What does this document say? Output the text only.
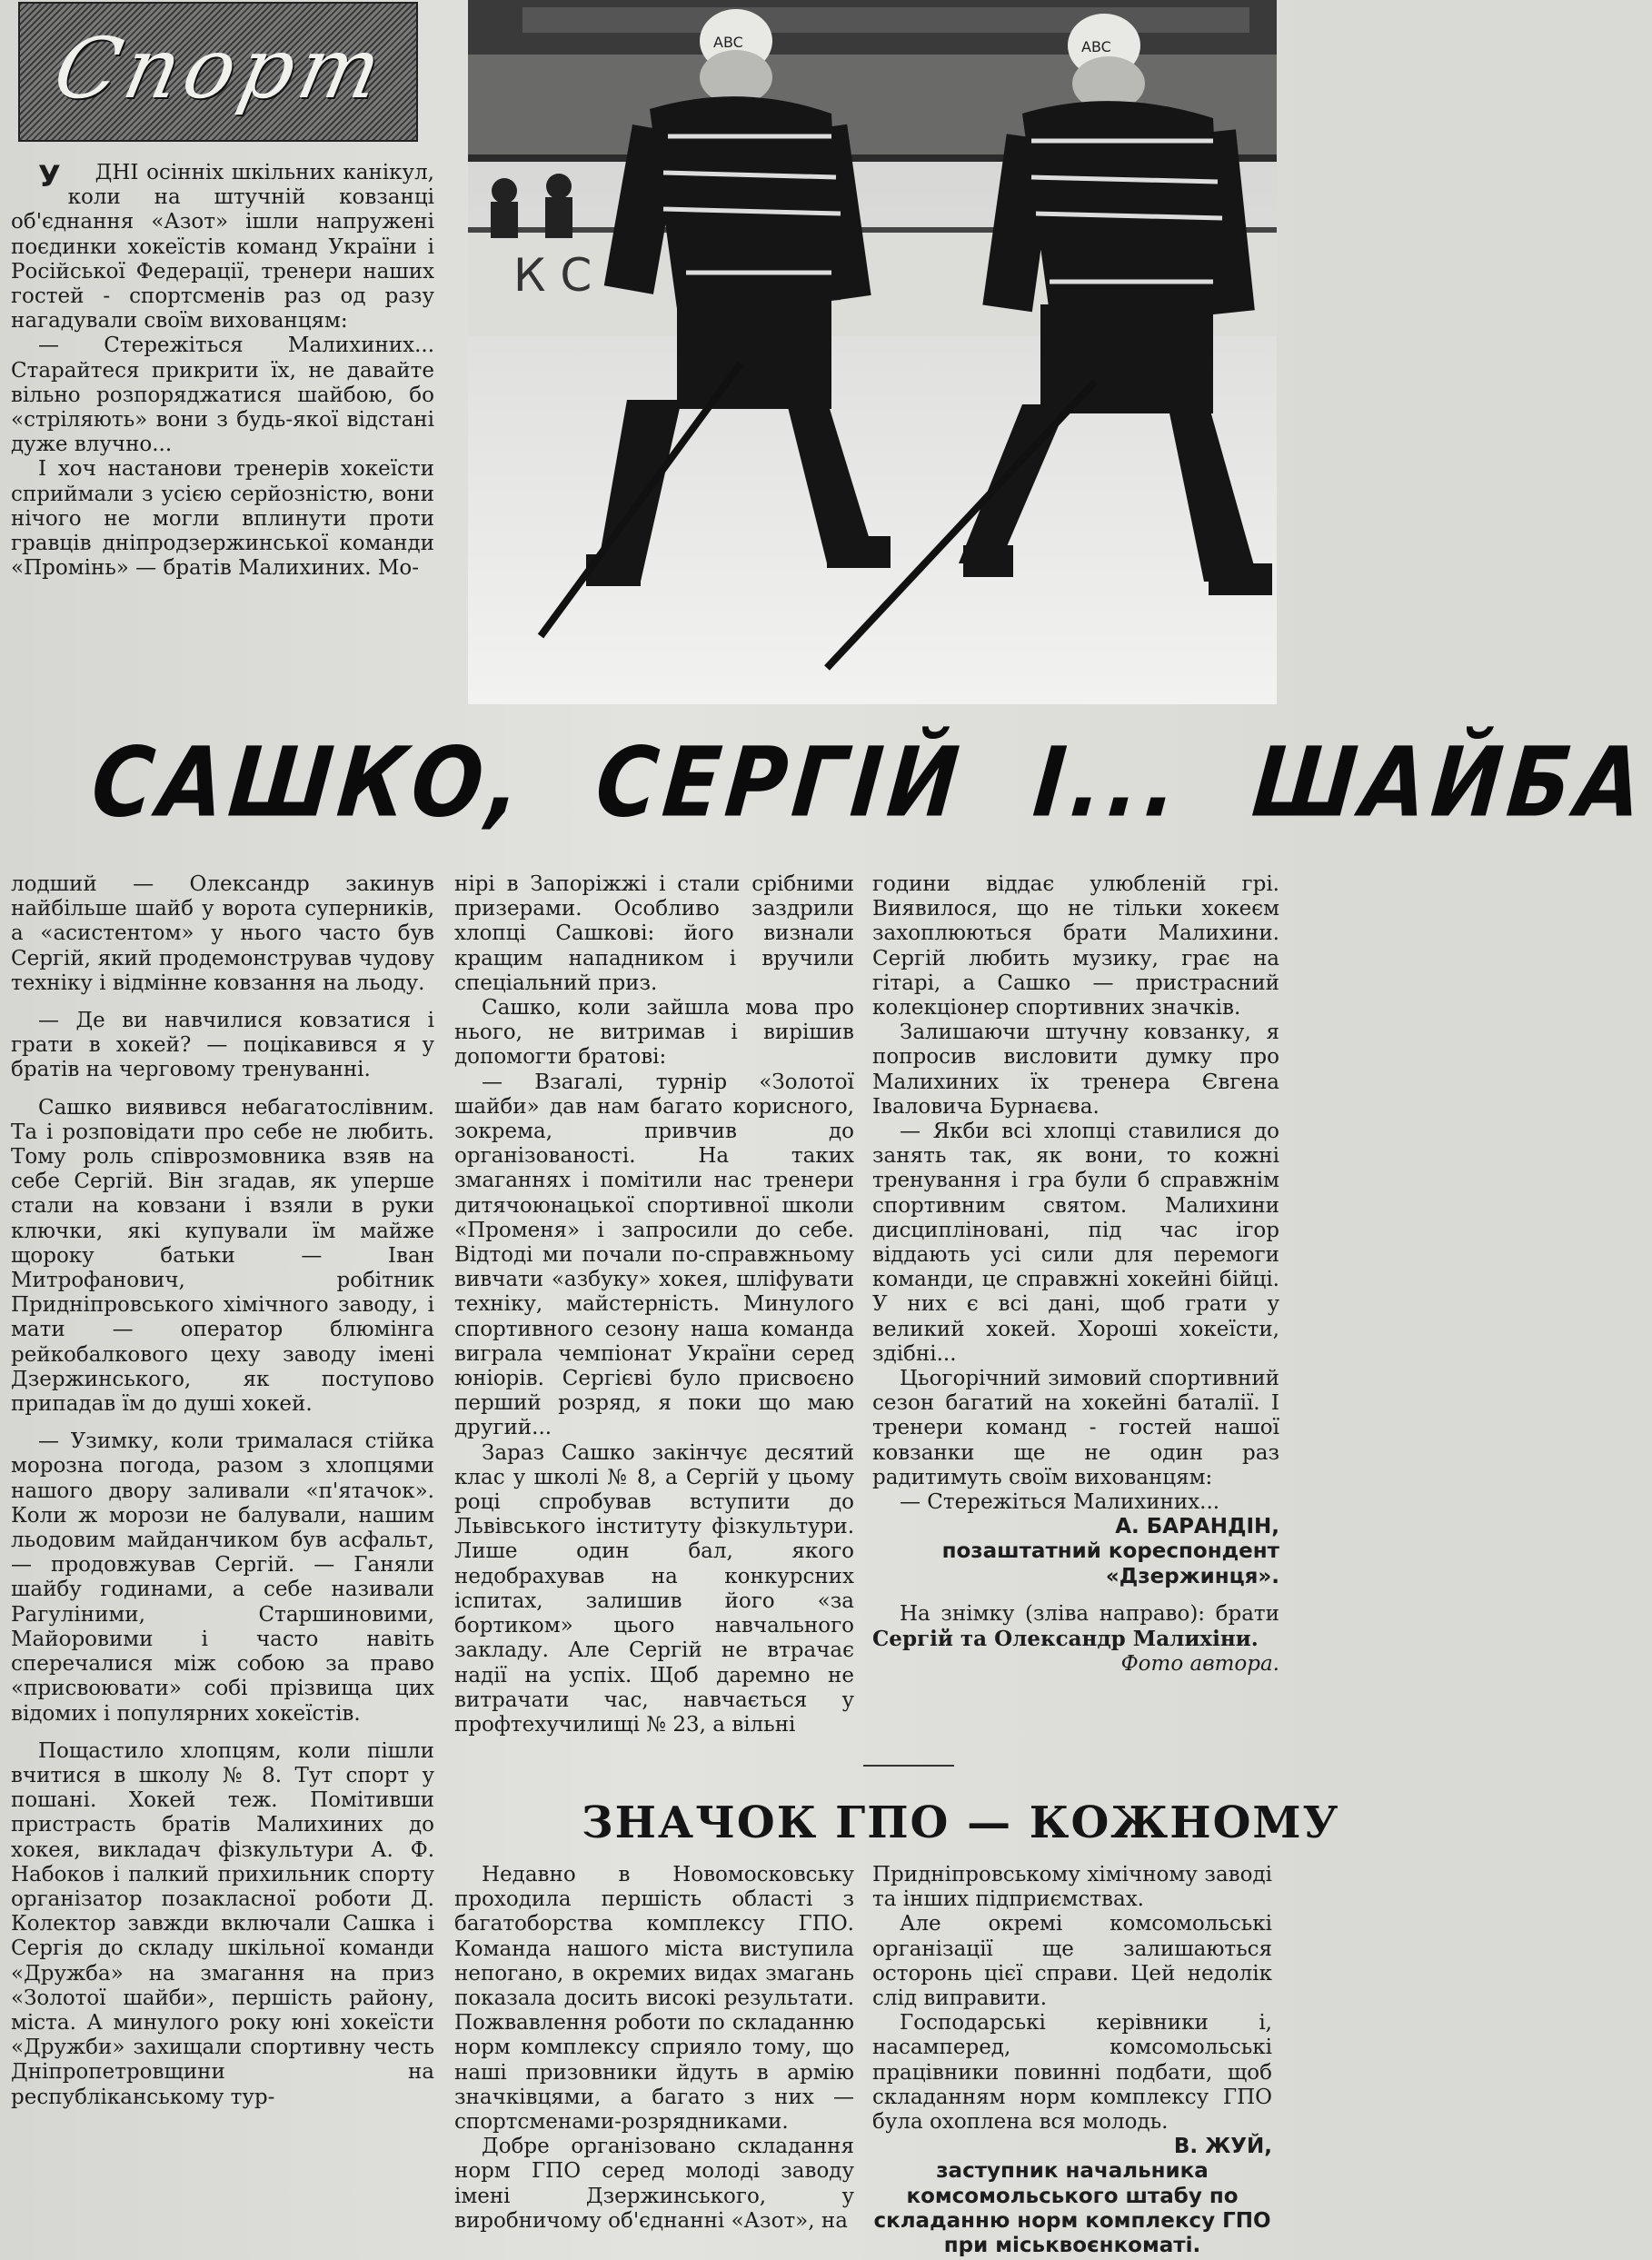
Спорт
К С
ABC	ABC

У ДНІ осінніх шкільних канікул, коли на штучній ковзанці об'єднання «Азот» ішли напружені поєдинки хокеїстів команд України і Російської Федерації, тренери наших гостей - спортсменів раз од разу нагадували своїм вихованцям:

— Стережіться Малихиних... Старайтеся прикрити їх, не давайте вільно розпоряджатися шайбою, бо «стріляють» вони з будь-якої відстані дуже влучно...

І хоч настанови тренерів хокеїсти сприймали з усією серйозністю, вони нічого не могли вплинути проти гравців дніпродзержинської команди «Промінь» — братів Малихиних. Мо-

САШКО, СЕРГІЙ І... ШАЙБА

лодший — Олександр закинув найбільше шайб у ворота суперників, а «асистентом» у нього часто був Сергій, який продемонстрував чудову техніку і відмінне ковзання на льоду.

— Де ви навчилися ковзатися і грати в хокей? — поцікавився я у братів на черговому тренуванні.

Сашко виявився небагатослівним. Та і розповідати про себе не любить. Тому роль співрозмовника взяв на себе Сергій. Він згадав, як уперше стали на ковзани і взяли в руки ключки, які купували їм майже щороку батьки — Іван Митрофанович, робітник Придніпровського хімічного заводу, і мати — оператор блюмінга рейкобалкового цеху заводу імені Дзержинського, як поступово припадав їм до душі хокей.

— Узимку, коли трималася стійка морозна погода, разом з хлопцями нашого двору заливали «п'ятачок». Коли ж морози не балували, нашим льодовим майданчиком був асфальт, — продовжував Сергій. — Ганяли шайбу годинами, а себе називали Рагуліними, Старшиновими, Майоровими і часто навіть сперечалися між собою за право «присвоювати» собі прізвища цих відомих і популярних хокеїстів.

Пощастило хлопцям, коли пішли вчитися в школу № 8. Тут спорт у пошані. Хокей теж. Помітивши пристрасть братів Малихиних до хокея, викладач фізкультури А. Ф. Набоков і палкий прихильник спорту організатор позакласної роботи Д. Колектор завжди включали Сашка і Сергія до складу шкільної команди «Дружба» на змагання на приз «Золотої шайби», першість району, міста. А минулого року юні хокеїсти «Дружби» захищали спортивну честь Дніпропетровщини на республіканському тур-

нірі в Запоріжжі і стали срібними призерами. Особливо заздрили хлопці Сашкові: його визнали кращим нападником і вручили спеціальний приз.

Сашко, коли зайшла мова про нього, не витримав і вирішив допомогти братові:

— Взагалі, турнір «Золотої шайби» дав нам багато корисного, зокрема, привчив до організованості. На таких змаганнях і помітили нас тренери дитячоюнацької спортивної школи «Променя» і запросили до себе. Відтоді ми почали по-справжньому вивчати «азбуку» хокея, шліфувати техніку, майстерність. Минулого спортивного сезону наша команда виграла чемпіонат України серед юніорів. Сергієві було присвоєно перший розряд, я поки що маю другий...

Зараз Сашко закінчує десятий клас у школі № 8, а Сергій у цьому році спробував вступити до Львівського інституту фізкультури. Лише один бал, якого недобрахував на конкурсних іспитах, залишив його «за бортиком» цього навчального закладу. Але Сергій не втрачає надії на успіх. Щоб даремно не витрачати час, навчається у профтехучилищі № 23, а вільні

години віддає улюбленій грі. Виявилося, що не тільки хокеєм захоплюються брати Малихини. Сергій любить музику, грає на гітарі, а Сашко — пристрасний колекціонер спортивних значків.

Залишаючи штучну ковзанку, я попросив висловити думку про Малихиних їх тренера Євгена Іваловича Бурнаєва.

— Якби всі хлопці ставилися до занять так, як вони, то кожні тренування і гра були б справжнім спортивним святом. Малихини дисципліновані, під час ігор віддають усі сили для перемоги команди, це справжні хокейні бійці. У них є всі дані, щоб грати у великий хокей. Хороші хокеїсти, здібні...

Цьогорічний зимовий спортивний сезон багатий на хокейні баталії. І тренери команд - гостей нашої ковзанки ще не один раз радитимуть своїм вихованцям:

— Стережіться Малихиних...

А. БАРАНДІН,

позаштатний кореспондент «Дзержинця».

На знімку (зліва направо): брати Сергій та Олександр Малихіни.

Фото автора.

ЗНАЧОК ГПО — КОЖНОМУ

Недавно в Новомосковську проходила першість області з багатоборства комплексу ГПО. Команда нашого міста виступила непогано, в окремих видах змагань показала досить високі результати. Пожвавлення роботи по складанню норм комплексу сприяло тому, що наші призовники йдуть в армію значківцями, а багато з них — спортсменами-розрядниками.

Добре організовано складання норм ГПО серед молоді заводу імені Дзержинського, у виробничому об'єднанні «Азот», на

Придніпровському хімічному заводі та інших підприємствах.

Але окремі комсомольські організації ще залишаються осторонь цієї справи. Цей недолік слід виправити.

Господарські керівники і, насамперед, комсомольські працівники повинні подбати, щоб складанням норм комплексу ГПО була охоплена вся молодь.

В. ЖУЙ,

заступник начальника комсомольського штабу по складанню норм комплексу ГПО при міськвоєнкоматі.
